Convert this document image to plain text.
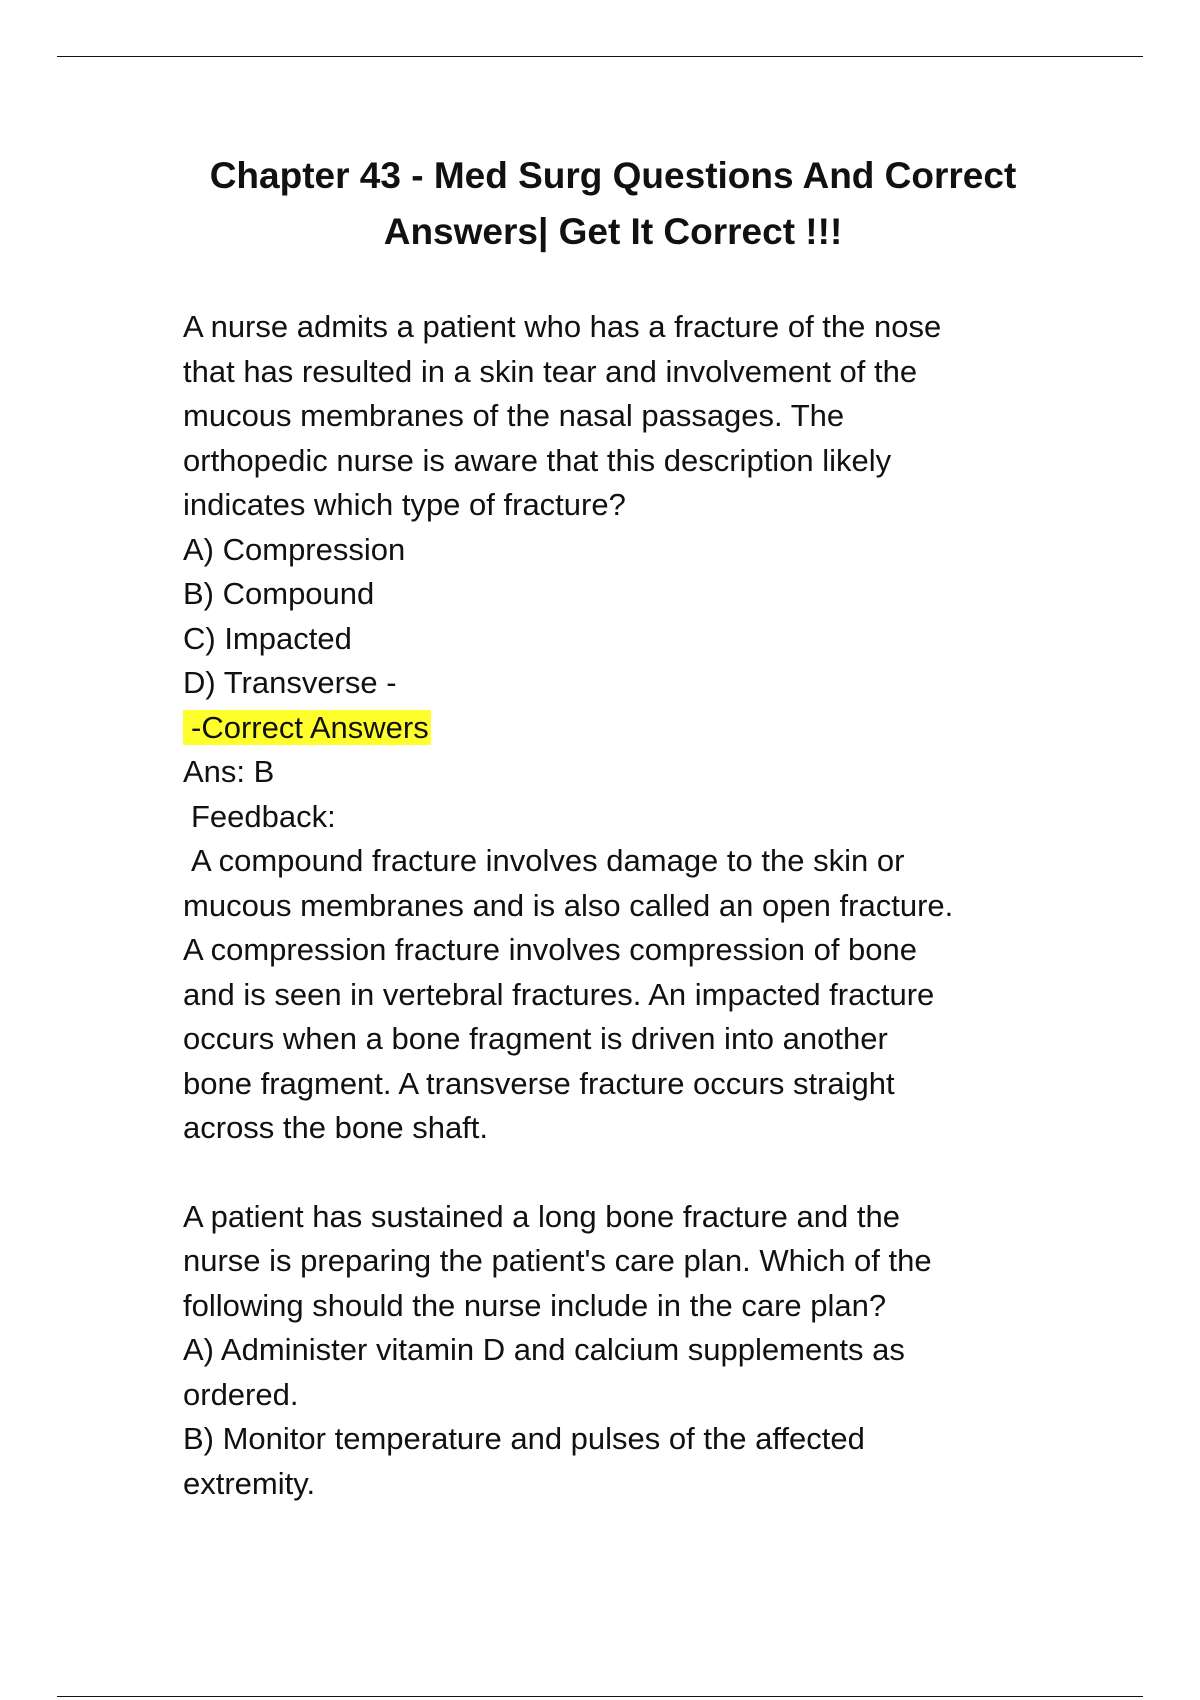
Chapter 43 - Med Surg Questions And Correct
Answers| Get It Correct !!!
A nurse admits a patient who has a fracture of the nose
that has resulted in a skin tear and involvement of the
mucous membranes of the nasal passages. The
orthopedic nurse is aware that this description likely
indicates which type of fracture?
A) Compression
B) Compound
C) Impacted
D) Transverse -
-Correct Answers
Ans: B
Feedback:
A compound fracture involves damage to the skin or
mucous membranes and is also called an open fracture.
A compression fracture involves compression of bone
and is seen in vertebral fractures. An impacted fracture
occurs when a bone fragment is driven into another
bone fragment. A transverse fracture occurs straight
across the bone shaft.
A patient has sustained a long bone fracture and the
nurse is preparing the patient's care plan. Which of the
following should the nurse include in the care plan?
A) Administer vitamin D and calcium supplements as
ordered.
B) Monitor temperature and pulses of the affected
extremity.
